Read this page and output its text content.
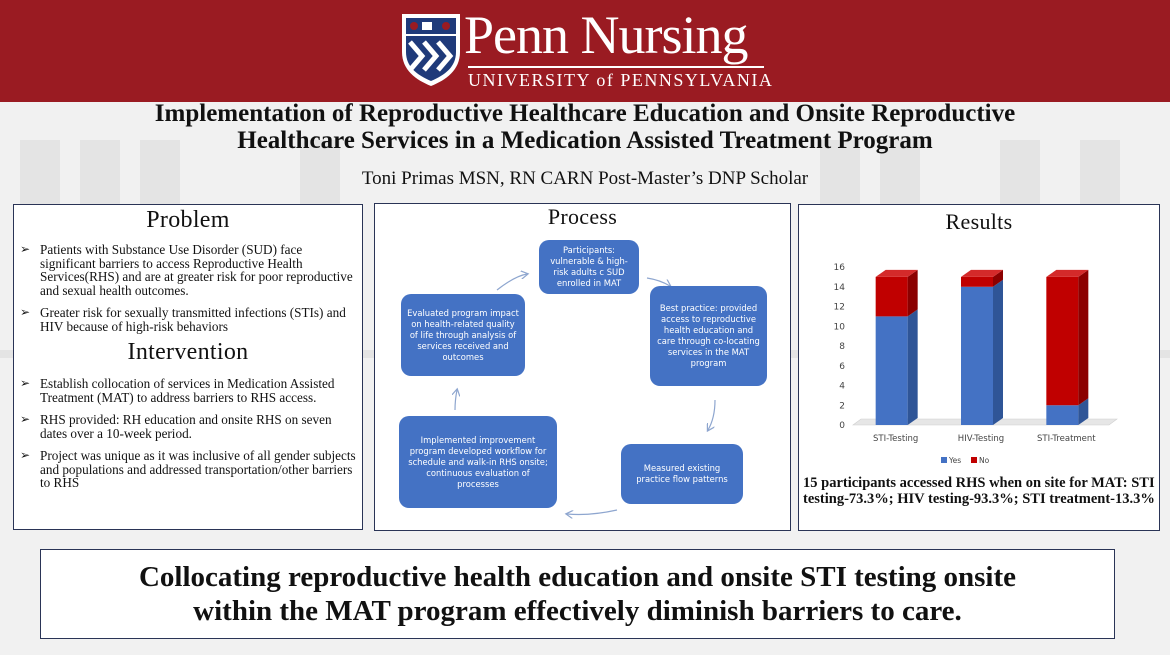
Penn Nursing
UNIVERSITY of PENNSYLVANIA
Implementation of Reproductive Healthcare Education and Onsite Reproductive
Healthcare Services in a Medication Assisted Treatment Program
Toni Primas MSN, RN CARN Post-Master’s DNP Scholar
Problem
➢ Patients with Substance Use Disorder (SUD) face significant barriers to access Reproductive Health Services(RHS) and are at greater risk for poor reproductive and sexual health outcomes.
➢ Greater risk for sexually transmitted infections (STIs) and HIV because of high-risk behaviors
Intervention
➢ Establish collocation of services in Medication Assisted Treatment (MAT) to address barriers to RHS access.
➢ RHS provided: RH education and onsite RHS on seven dates over a 10-week period.
➢ Project was unique as it was inclusive of all gender subjects and populations and addressed transportation/other barriers to RHS
Process
Participants: vulnerable & high-risk adults c SUD enrolled in MAT
Best practice: provided access to reproductive health education and care through co-locating services in the MAT program
Measured existing practice flow patterns
Implemented improvement program developed workflow for schedule and walk-in RHS onsite; continuous evaluation of processes
Evaluated program impact on health-related quality of life through analysis of services received and outcomes
Results
0
2
4
6
8
10
12
14
16
STI-Testing	HIV-Testing	STI-Treatment
Yes No
15 participants accessed RHS when on site for MAT: STI testing-73.3%; HIV testing-93.3%; STI treatment-13.3%
Collocating reproductive health education and onsite STI testing onsite
within the MAT program effectively diminish barriers to care.
